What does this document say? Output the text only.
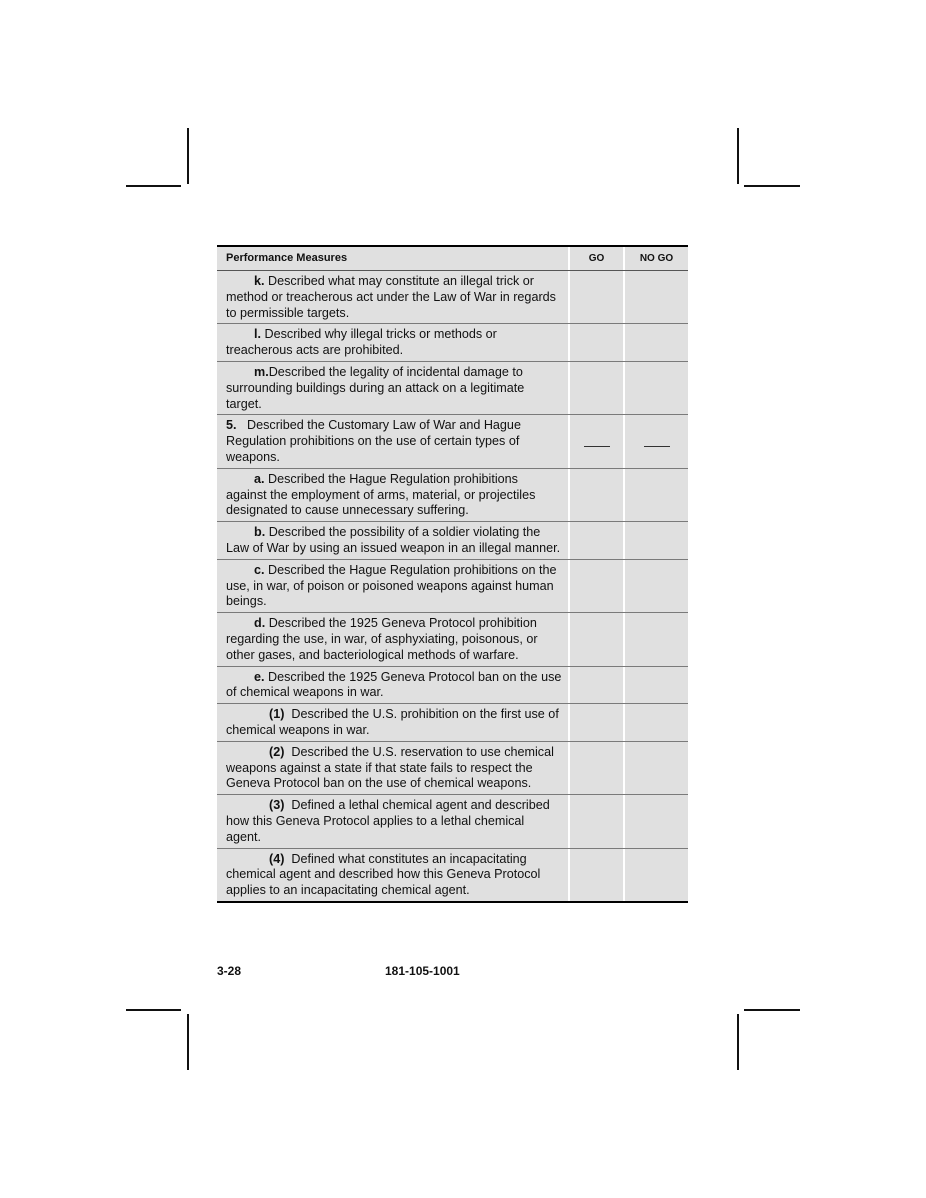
Performance Measures	GO	NO GO
k. Described what may constitute an illegal trick or method or treacherous act under the Law of War in regards to permissible targets.
l. Described why illegal tricks or methods or treacherous acts are prohibited.
m.Described the legality of incidental damage to surrounding buildings during an attack on a legitimate target.
5. Described the Customary Law of War and Hague Regulation prohibitions on the use of certain types of weapons.
a. Described the Hague Regulation prohibitions against the employment of arms, material, or projectiles designated to cause unnecessary suffering.
b. Described the possibility of a soldier violating the Law of War by using an issued weapon in an illegal manner.
c. Described the Hague Regulation prohibitions on the use, in war, of poison or poisoned weapons against human beings.
d. Described the 1925 Geneva Protocol prohibition regarding the use, in war, of asphyxiating, poisonous, or other gases, and bacteriological methods of warfare.
e. Described the 1925 Geneva Protocol ban on the use of chemical weapons in war.
(1) Described the U.S. prohibition on the first use of chemical weapons in war.
(2) Described the U.S. reservation to use chemical weapons against a state if that state fails to respect the Geneva Protocol ban on the use of chemical weapons.
(3) Defined a lethal chemical agent and described how this Geneva Protocol applies to a lethal chemical agent.
(4) Defined what constitutes an incapacitating chemical agent and described how this Geneva Protocol applies to an incapacitating chemical agent.
3-28	181-105-1001
